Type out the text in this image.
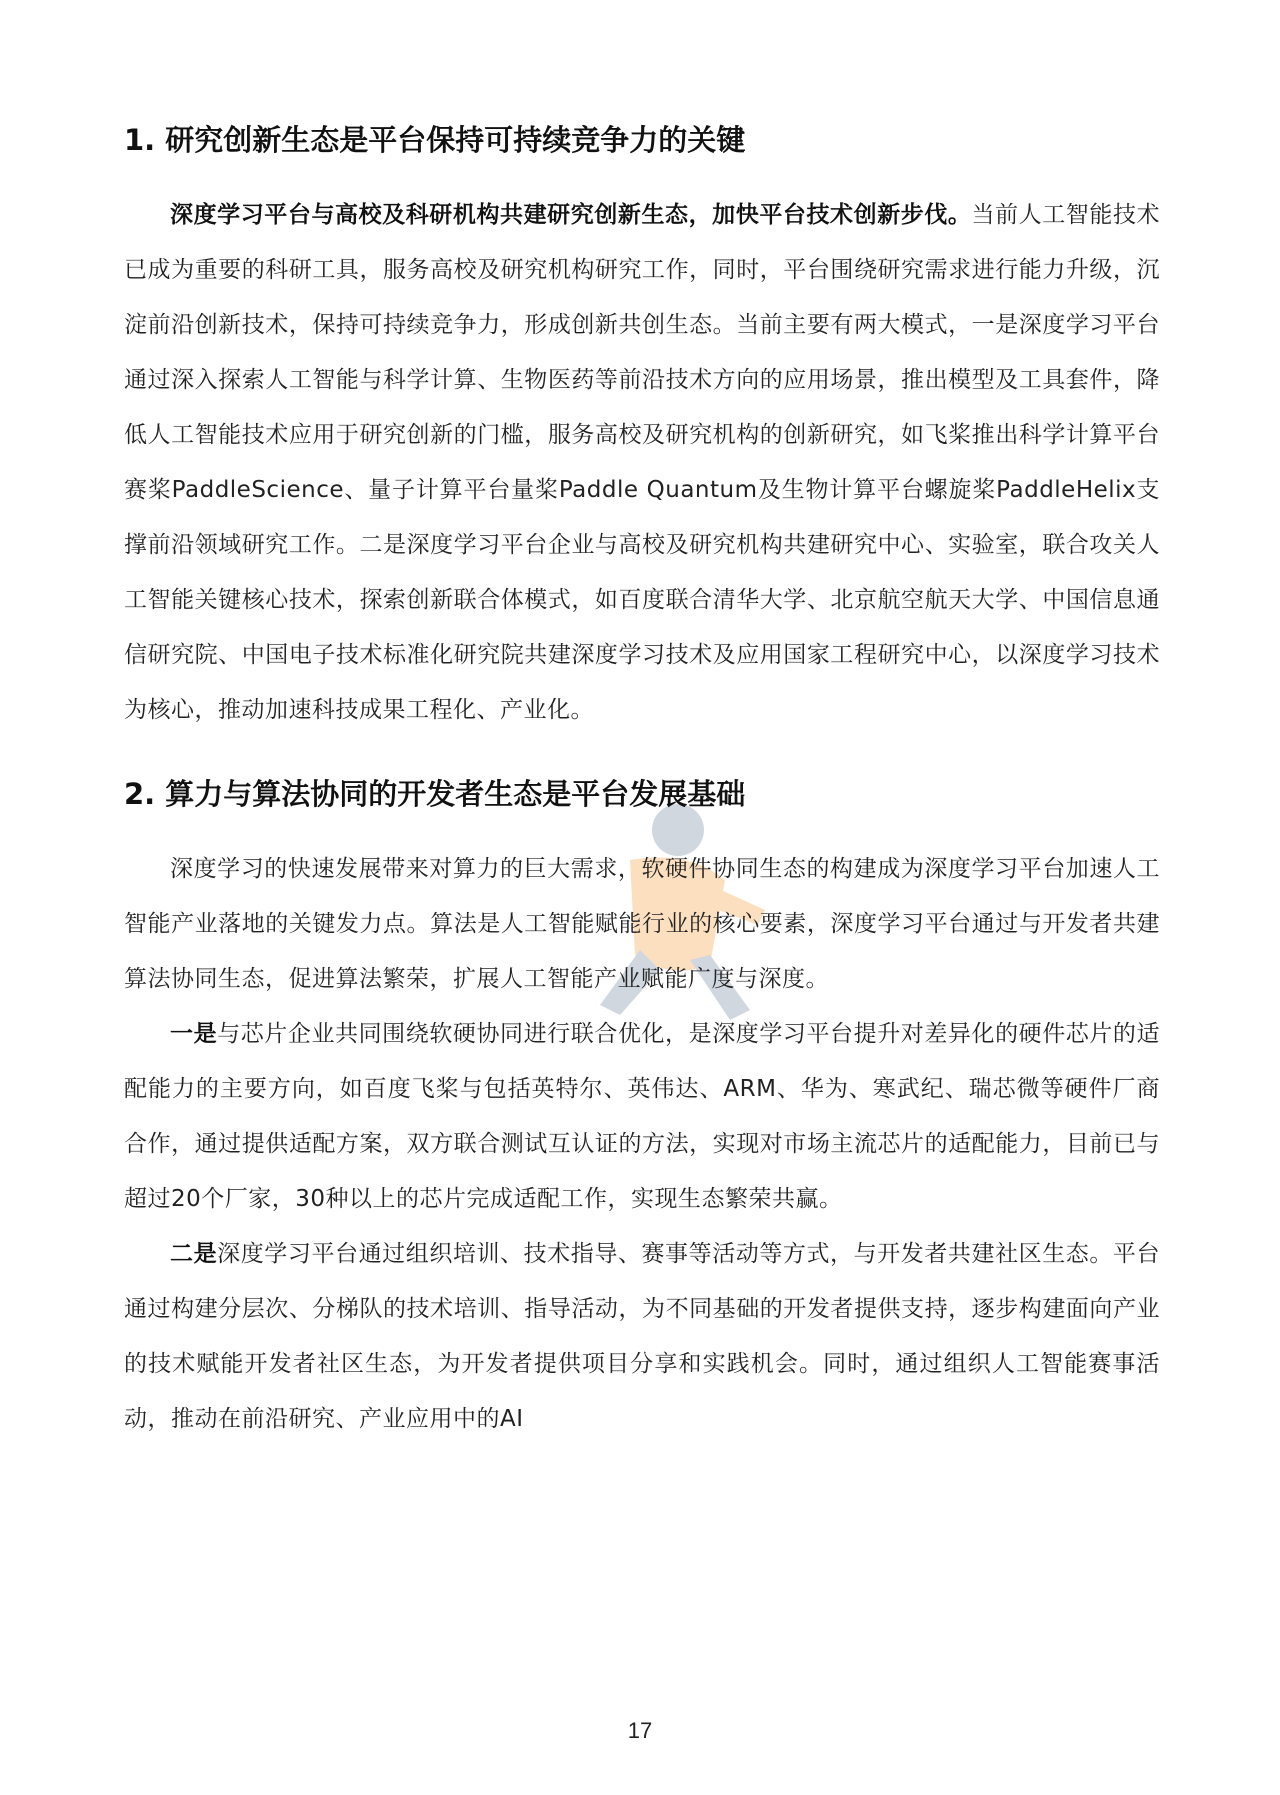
1. 研究创新生态是平台保持可持续竞争力的关键

深度学习平台与高校及科研机构共建研究创新生态，加快平台技术创新步伐。当前人工智能技术已成为重要的科研工具，服务高校及研究机构研究工作，同时，平台围绕研究需求进行能力升级，沉淀前沿创新技术，保持可持续竞争力，形成创新共创生态。当前主要有两大模式，一是深度学习平台通过深入探索人工智能与科学计算、生物医药等前沿技术方向的应用场景，推出模型及工具套件，降低人工智能技术应用于研究创新的门槛，服务高校及研究机构的创新研究，如飞桨推出科学计算平台赛桨PaddleScience、量子计算平台量桨Paddle Quantum及生物计算平台螺旋桨PaddleHelix支撑前沿领域研究工作。二是深度学习平台企业与高校及研究机构共建研究中心、实验室，联合攻关人工智能关键核心技术，探索创新联合体模式，如百度联合清华大学、北京航空航天大学、中国信息通信研究院、中国电子技术标准化研究院共建深度学习技术及应用国家工程研究中心，以深度学习技术为核心，推动加速科技成果工程化、产业化。

2. 算力与算法协同的开发者生态是平台发展基础

深度学习的快速发展带来对算力的巨大需求，软硬件协同生态的构建成为深度学习平台加速人工智能产业落地的关键发力点。算法是人工智能赋能行业的核心要素，深度学习平台通过与开发者共建算法协同生态，促进算法繁荣，扩展人工智能产业赋能广度与深度。

一是与芯片企业共同围绕软硬协同进行联合优化，是深度学习平台提升对差异化的硬件芯片的适配能力的主要方向，如百度飞桨与包括英特尔、英伟达、ARM、华为、寒武纪、瑞芯微等硬件厂商合作，通过提供适配方案，双方联合测试互认证的方法，实现对市场主流芯片的适配能力，目前已与超过20个厂家，30种以上的芯片完成适配工作，实现生态繁荣共赢。

二是深度学习平台通过组织培训、技术指导、赛事等活动等方式，与开发者共建社区生态。平台通过构建分层次、分梯队的技术培训、指导活动，为不同基础的开发者提供支持，逐步构建面向产业的技术赋能开发者社区生态，为开发者提供项目分享和实践机会。同时，通过组织人工智能赛事活动，推动在前沿研究、产业应用中的AI

17
